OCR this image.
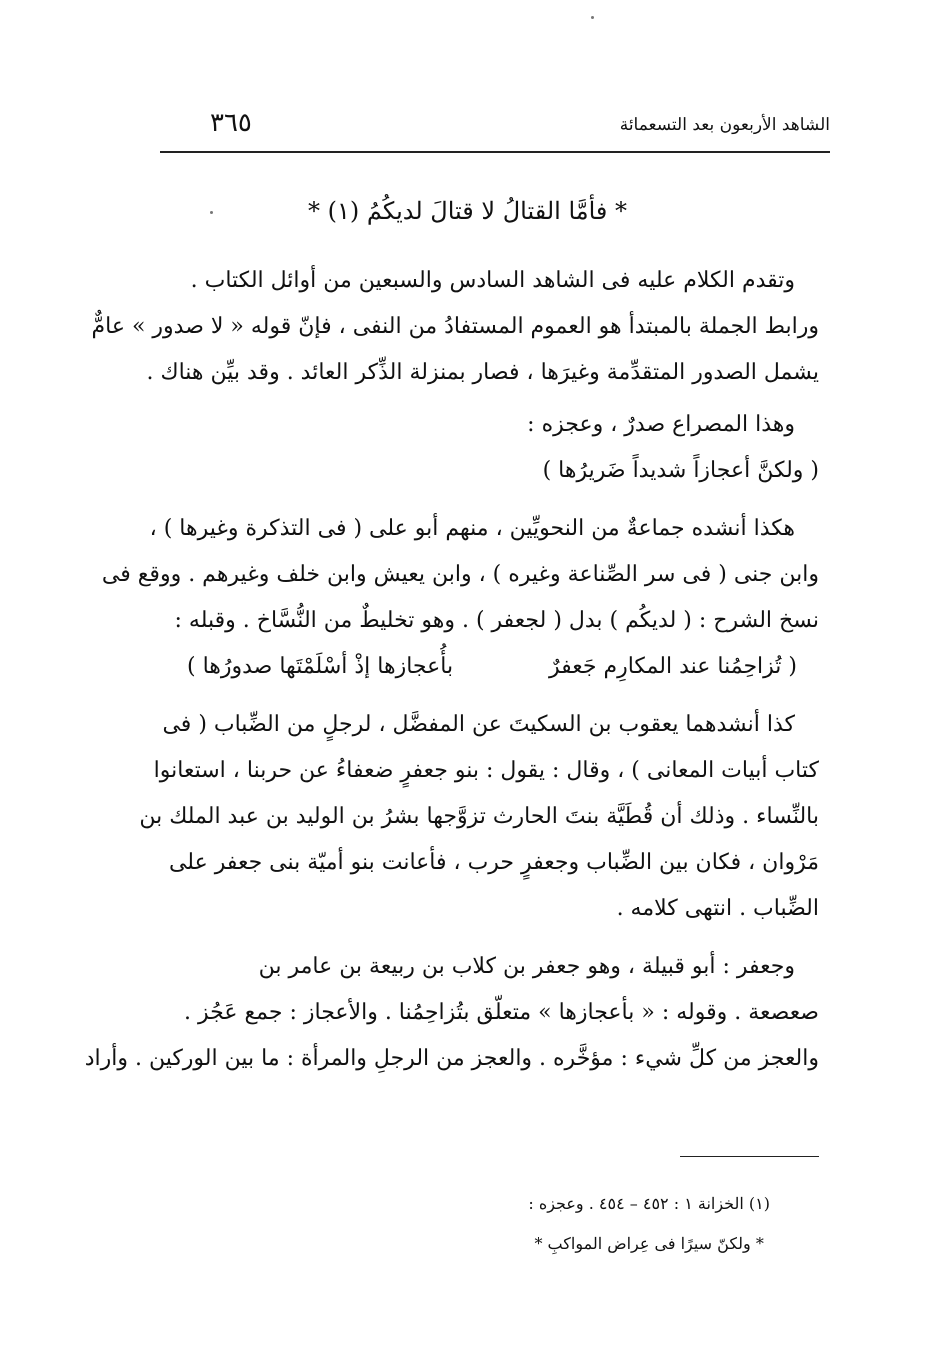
الشاهد الأربعون بعد التسعمائة
٣٦٥
* فأمَّا القتالُ لا قتالَ لديكُمُ (١) *
وتقدم الكلام عليه فى الشاهد السادس والسبعين من أوائل الكتاب .
ورابط الجملة بالمبتدأ هو العموم المستفادُ من النفى ، فإنّ قوله « لا صدور » عامٌّ
يشمل الصدور المتقدِّمة وغيرَها ، فصار بمنزلة الذِّكر العائد . وقد بيِّن هناك .
وهذا المصراع صدرٌ ، وعجزه :
( ولكنَّ أعجازاً شديداً ضَريرُها )
هكذا أنشده جماعةٌ من النحويِّين ، منهم أبو على ( فى التذكرة وغيرها ) ،
وابن جنى ( فى سر الصِّناعة وغيره ) ، وابن يعيش وابن خلف وغيرهم . ووقع فى
نسخ الشرح : ( لديكُم ) بدل ( لجعفر ) . وهو تخليطٌ من النُّسَّاخ . وقبله :
( تُزاحِمُنا عند المكارِم جَعفرٌ
بأُعجازها إذْ أسْلَمْتَها صدورُها )
كذا أنشدهما يعقوب بن السكيتَ عن المفضَّل ، لرجلٍ من الضِّباب ( فى
كتاب أبيات المعانى ) ، وقال : يقول : بنو جعفرٍ ضعفاءُ عن حربنا ، استعانوا
بالنِّساء . وذلك أن قُطَيَّة بنتَ الحارث تزوَّجها بشرُ بن الوليد بن عبد الملك بن
مَرْوان ، فكان بين الضِّباب وجعفرٍ حرب ، فأعانت بنو أميّة بنى جعفر على
الضِّباب . انتهى كلامه .
وجعفر : أبو قبيلة ، وهو جعفر بن كلاب بن ربيعة بن عامر بن
صعصعة . وقوله : « بأعجازها » متعلّق بتُزاحِمُنا . والأعجاز : جمع عَجُز .
والعجز من كلِّ شيء : مؤخَّره . والعجز من الرجلِ والمرأة : ما بين الوركين . وأراد
(١) الخزانة ١ : ٤٥٢ – ٤٥٤ . وعجزه :
* ولكنّ سيرًا فى عِراض المواكبِ *
